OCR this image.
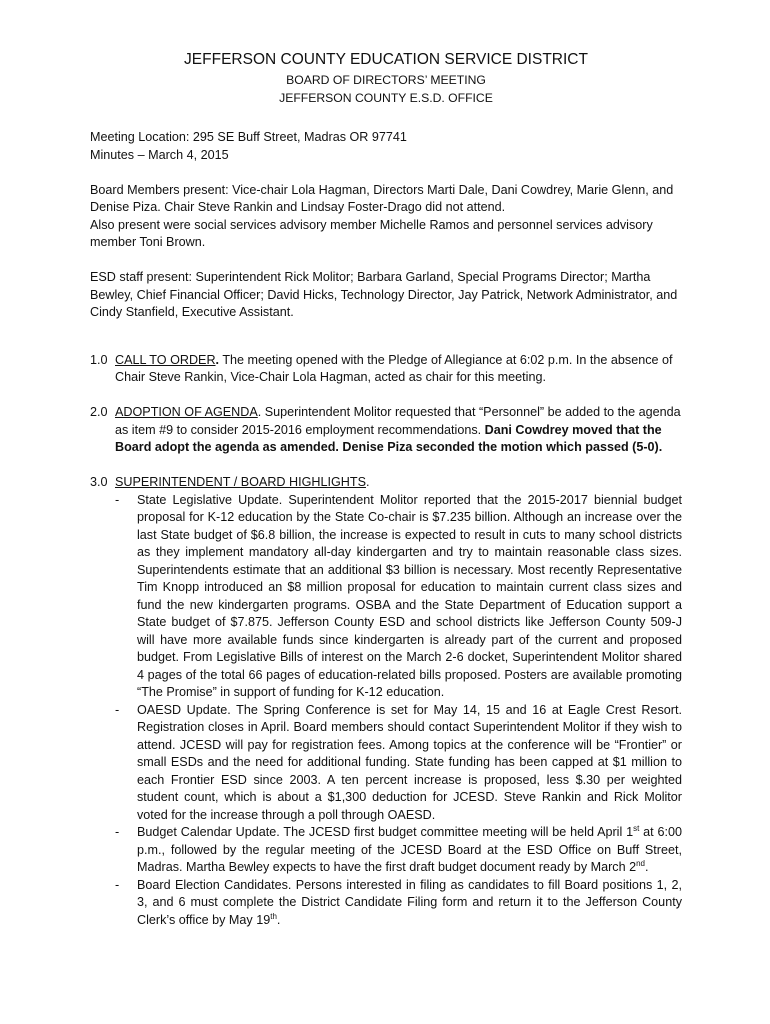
JEFFERSON COUNTY EDUCATION SERVICE DISTRICT
BOARD OF DIRECTORS’ MEETING
JEFFERSON COUNTY E.S.D. OFFICE

Meeting Location: 295 SE Buff Street, Madras OR 97741

Minutes – March 4, 2015

Board Members present: Vice-chair Lola Hagman, Directors Marti Dale, Dani Cowdrey, Marie Glenn, and Denise Piza. Chair Steve Rankin and Lindsay Foster-Drago did not attend.

Also present were social services advisory member Michelle Ramos and personnel services advisory member Toni Brown.

ESD staff present: Superintendent Rick Molitor; Barbara Garland, Special Programs Director; Martha Bewley, Chief Financial Officer; David Hicks, Technology Director, Jay Patrick, Network Administrator, and Cindy Stanfield, Executive Assistant.

1.0 CALL TO ORDER. The meeting opened with the Pledge of Allegiance at 6:02 p.m. In the absence of Chair Steve Rankin, Vice-Chair Lola Hagman, acted as chair for this meeting.
2.0 ADOPTION OF AGENDA. Superintendent Molitor requested that “Personnel” be added to the agenda as item #9 to consider 2015-2016 employment recommendations. Dani Cowdrey moved that the Board adopt the agenda as amended. Denise Piza seconded the motion which passed (5-0).
3.0 SUPERINTENDENT / BOARD HIGHLIGHTS.
-	State Legislative Update. Superintendent Molitor reported that the 2015-2017 biennial budget proposal for K-12 education by the State Co-chair is $7.235 billion. Although an increase over the last State budget of $6.8 billion, the increase is expected to result in cuts to many school districts as they implement mandatory all-day kindergarten and try to maintain reasonable class sizes. Superintendents estimate that an additional $3 billion is necessary. Most recently Representative Tim Knopp introduced an $8 million proposal for education to maintain current class sizes and fund the new kindergarten programs. OSBA and the State Department of Education support a State budget of $7.875. Jefferson County ESD and school districts like Jefferson County 509-J will have more available funds since kindergarten is already part of the current and proposed budget. From Legislative Bills of interest on the March 2-6 docket, Superintendent Molitor shared 4 pages of the total 66 pages of education-related bills proposed. Posters are available promoting “The Promise” in support of funding for K-12 education.
-	OAESD Update. The Spring Conference is set for May 14, 15 and 16 at Eagle Crest Resort. Registration closes in April. Board members should contact Superintendent Molitor if they wish to attend. JCESD will pay for registration fees. Among topics at the conference will be “Frontier” or small ESDs and the need for additional funding. State funding has been capped at $1 million to each Frontier ESD since 2003. A ten percent increase is proposed, less $.30 per weighted student count, which is about a $1,300 deduction for JCESD. Steve Rankin and Rick Molitor voted for the increase through a poll through OAESD.
-	Budget Calendar Update. The JCESD first budget committee meeting will be held April 1st at 6:00 p.m., followed by the regular meeting of the JCESD Board at the ESD Office on Buff Street, Madras. Martha Bewley expects to have the first draft budget document ready by March 2nd.
-	Board Election Candidates. Persons interested in filing as candidates to fill Board positions 1, 2, 3, and 6 must complete the District Candidate Filing form and return it to the Jefferson County Clerk’s office by May 19th.
